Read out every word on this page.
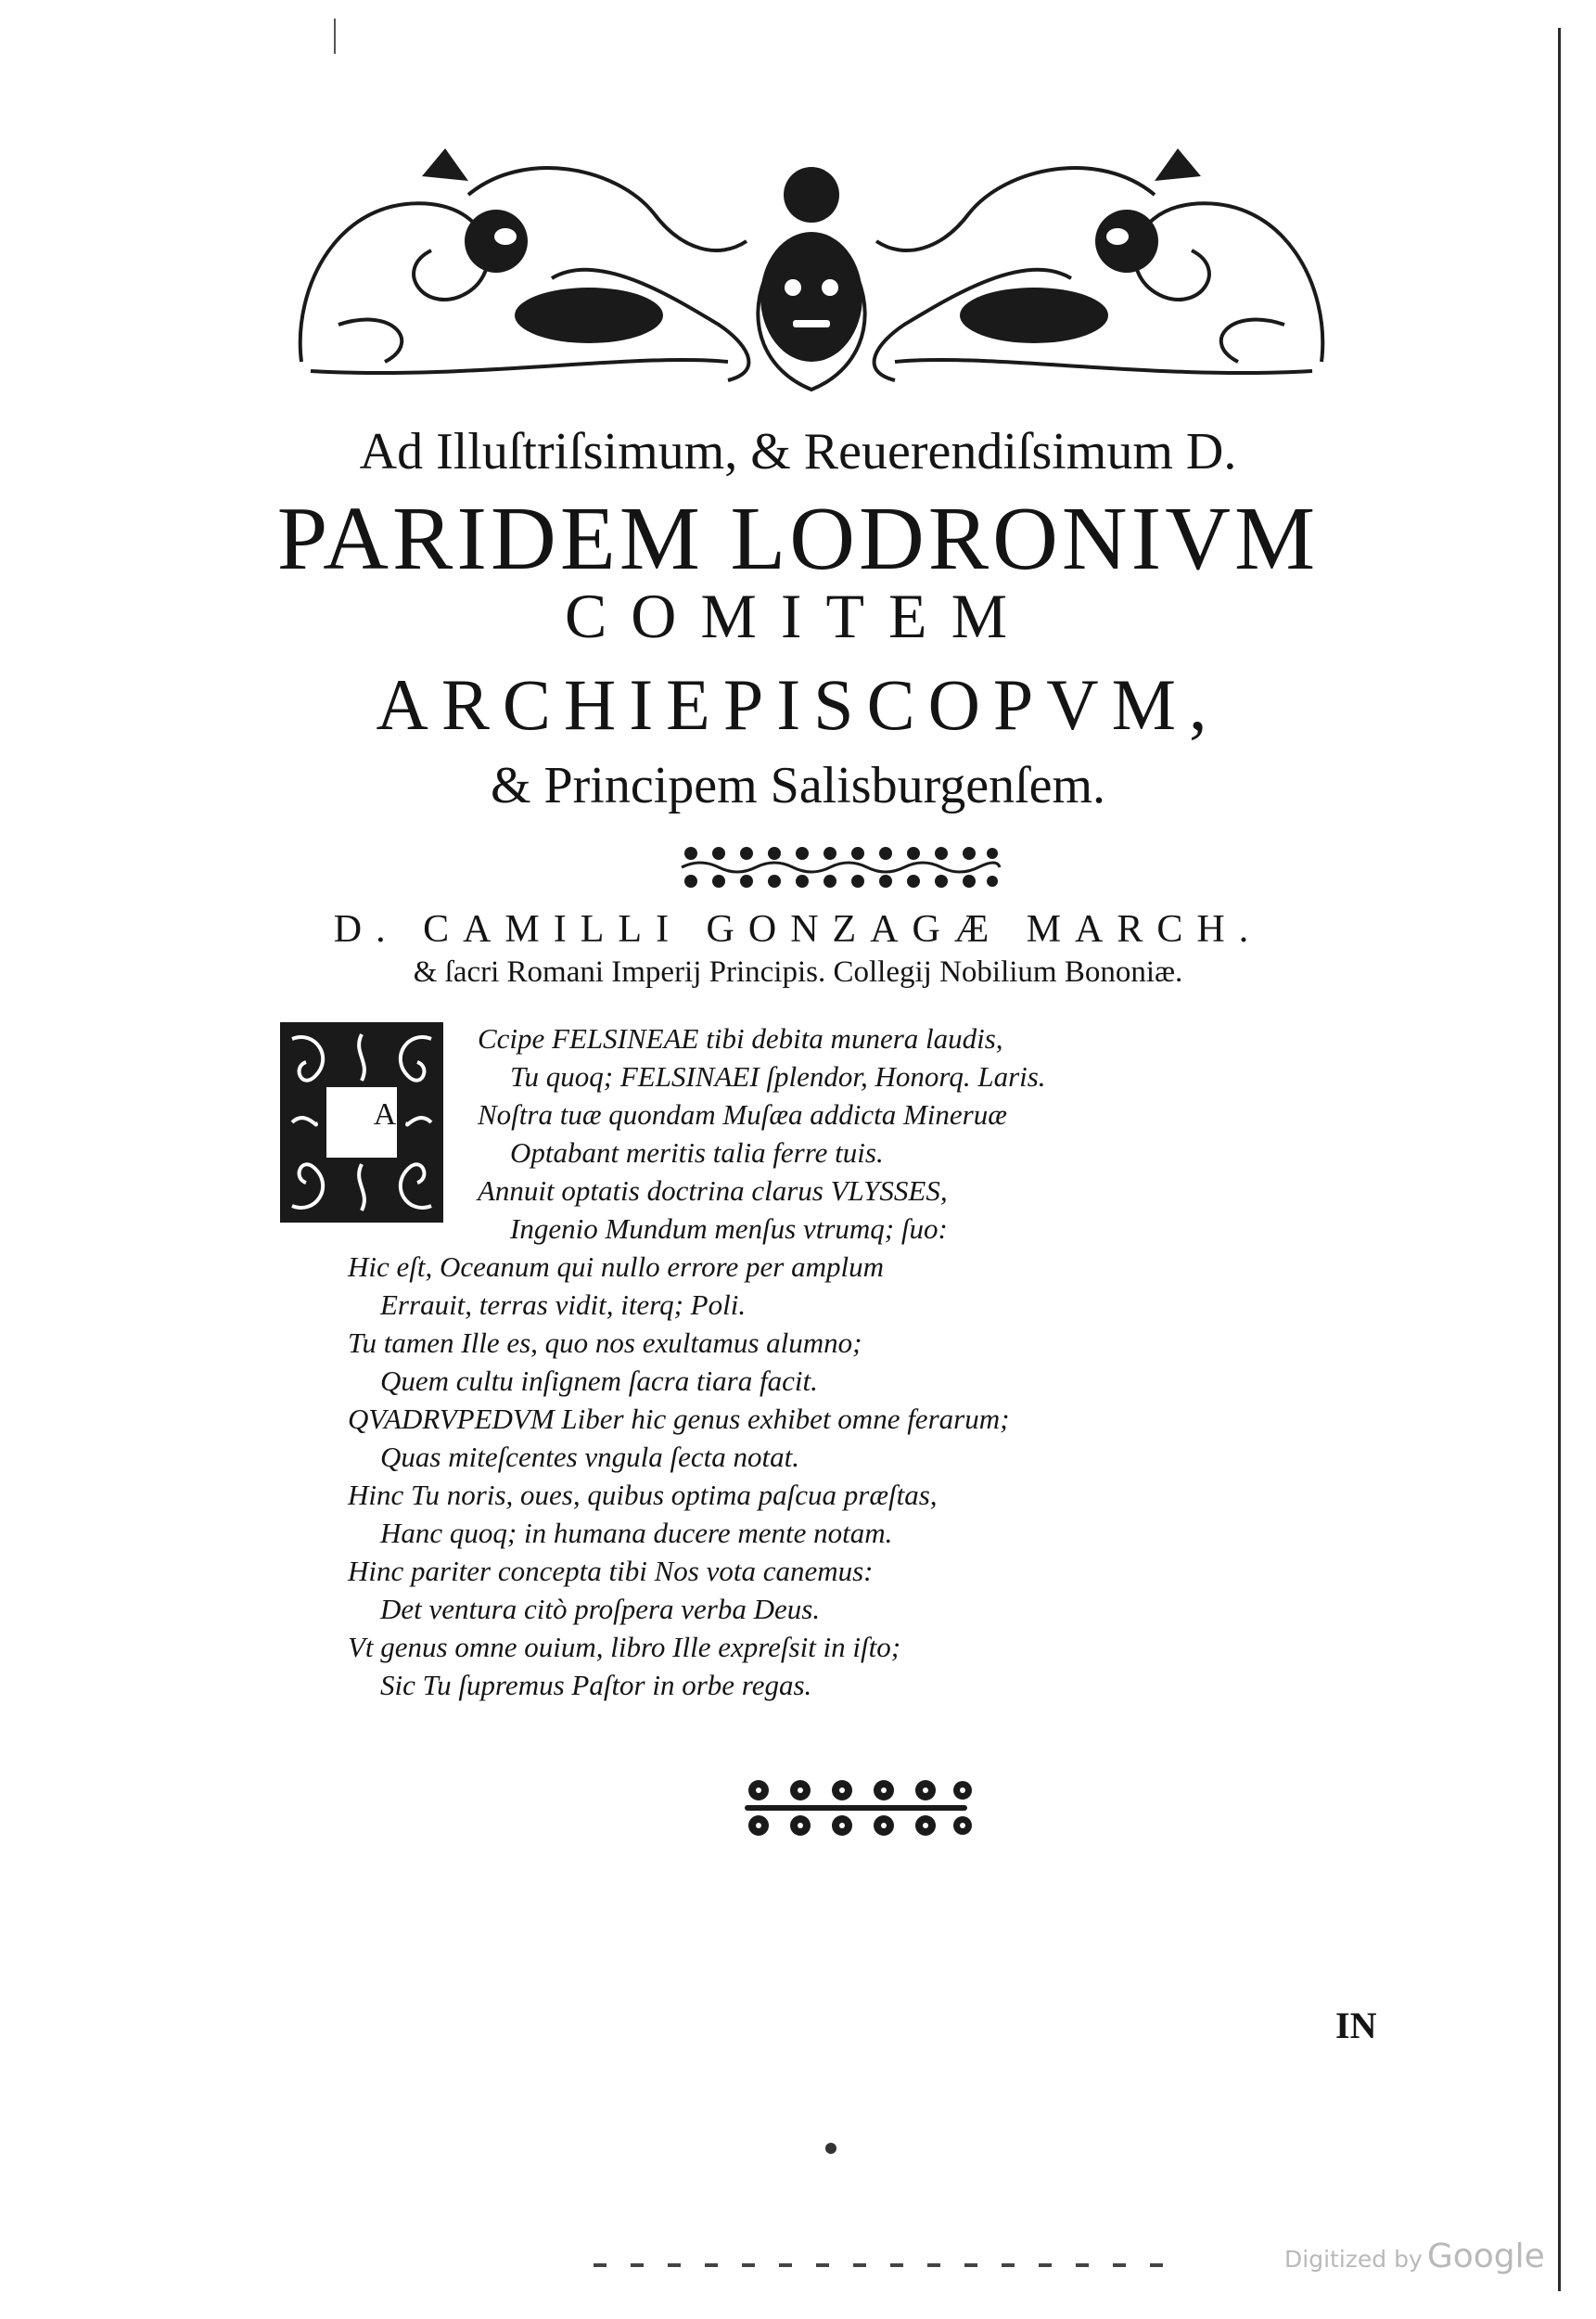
Ad Illuſtriſsimum, & Reuerendiſsimum D.
PARIDEM LODRONIVM
COMITEM
ARCHIEPISCOPVM,
& Principem Salisburgenſem.
D. CAMILLI GONZAGÆ MARCH.
& ſacri Romani Imperij Principis. Collegij Nobilium Bononiæ.
A
Ccipe FELSINEAE tibi debita munera laudis,
Tu quoq; FELSINAEI ſplendor, Honorq. Laris.
Noſtra tuæ quondam Muſæa addicta Mineruæ
Optabant meritis talia ferre tuis.
Annuit optatis doctrina clarus VLYSSES,
Ingenio Mundum menſus vtrumq; ſuo:
Hic eſt, Oceanum qui nullo errore per amplum
Errauit, terras vidit, iterq; Poli.
Tu tamen Ille es, quo nos exultamus alumno;
Quem cultu inſignem ſacra tiara facit.
QVADRVPEDVM Liber hic genus exhibet omne ferarum;
Quas miteſcentes vngula ſecta notat.
Hinc Tu noris, oues, quibus optima paſcua præſtas,
Hanc quoq; in humana ducere mente notam.
Hinc pariter concepta tibi Nos vota canemus:
Det ventura citò proſpera verba Deus.
Vt genus omne ouium, libro Ille expreſsit in iſto;
Sic Tu ſupremus Paſtor in orbe regas.
IN
Digitized by Google
